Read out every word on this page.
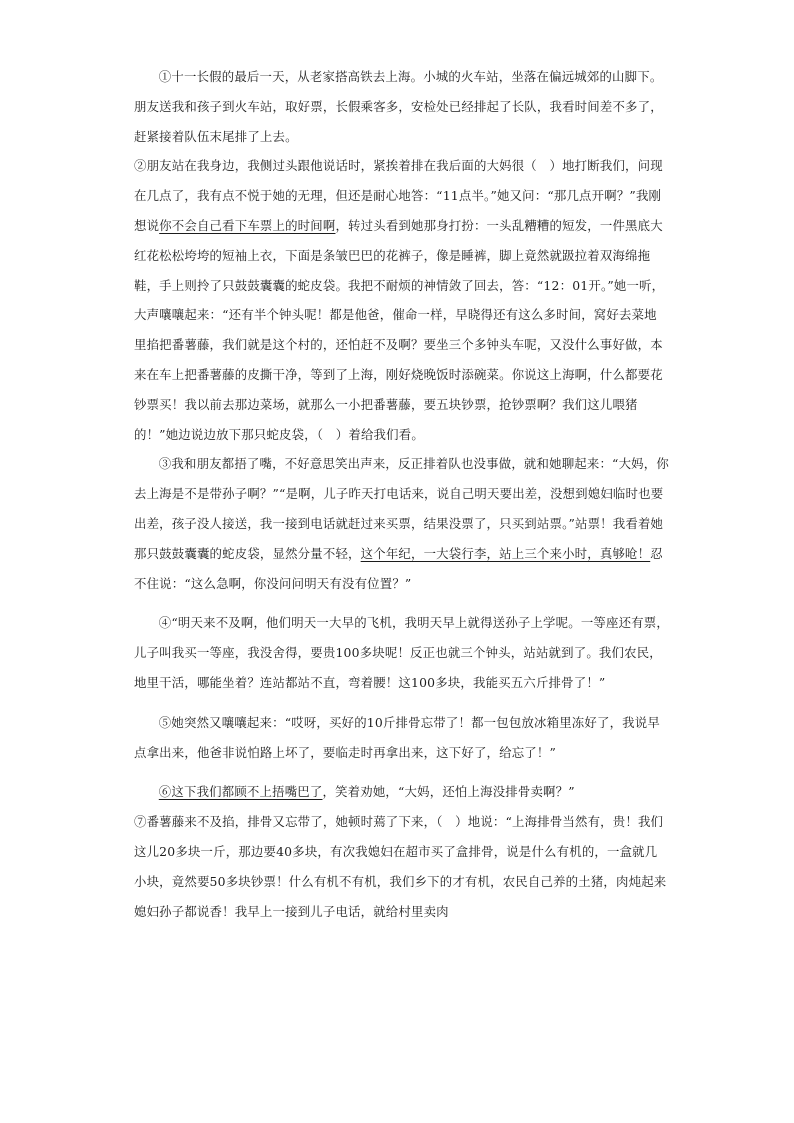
①十一长假的最后一天，从老家搭高铁去上海。小城的火车站，坐落在偏远城郊的山脚下。朋友送我和孩子到火车站，取好票，长假乘客多，安检处已经排起了长队，我看时间差不多了，赶紧接着队伍末尾排了上去。

②朋友站在我身边，我侧过头跟他说话时，紧挨着排在我后面的大妈很（　）地打断我们，问现在几点了，我有点不悦于她的无理，但还是耐心地答：“11点半。”她又问：“那几点开啊？”我刚想说你不会自己看下车票上的时间啊，转过头看到她那身打扮：一头乱糟糟的短发，一件黑底大红花松松垮垮的短袖上衣，下面是条皱巴巴的花裤子，像是睡裤，脚上竟然就趿拉着双海绵拖鞋，手上则拎了只鼓鼓囊囊的蛇皮袋。我把不耐烦的神情敛了回去，答：“12：01开。”她一听，大声嚷嚷起来：“还有半个钟头呢！都是他爸，催命一样，早晓得还有这么多时间，窝好去菜地里掐把番薯藤，我们就是这个村的，还怕赶不及啊？要坐三个多钟头车呢，又没什么事好做，本来在车上把番薯藤的皮撕干净，等到了上海，刚好烧晚饭时添碗菜。你说这上海啊，什么都要花钞票买！我以前去那边菜场，就那么一小把番薯藤，要五块钞票，抢钞票啊？我们这儿喂猪的！”她边说边放下那只蛇皮袋，（　）着给我们看。

③我和朋友都捂了嘴，不好意思笑出声来，反正排着队也没事做，就和她聊起来：“大妈，你去上海是不是带孙子啊？”“是啊，儿子昨天打电话来，说自己明天要出差，没想到媳妇临时也要出差，孩子没人接送，我一接到电话就赶过来买票，结果没票了，只买到站票。”站票！我看着她那只鼓鼓囊囊的蛇皮袋，显然分量不轻，这个年纪，一大袋行李，站上三个来小时，真够呛！忍不住说：“这么急啊，你没问问明天有没有位置？”

④“明天来不及啊，他们明天一大早的飞机，我明天早上就得送孙子上学呢。一等座还有票，儿子叫我买一等座，我没舍得，要贵100多块呢！反正也就三个钟头，站站就到了。我们农民，地里干活，哪能坐着？连站都站不直，弯着腰！这100多块，我能买五六斤排骨了！”

⑤她突然又嚷嚷起来：“哎呀，买好的10斤排骨忘带了！都一包包放冰箱里冻好了，我说早点拿出来，他爸非说怕路上坏了，要临走时再拿出来，这下好了，给忘了！”

⑥这下我们都顾不上捂嘴巴了，笑着劝她，“大妈，还怕上海没排骨卖啊？”

⑦番薯藤来不及掐，排骨又忘带了，她顿时蔫了下来，（　）地说：“上海排骨当然有，贵！我们这儿20多块一斤，那边要40多块，有次我媳妇在超市买了盒排骨，说是什么有机的，一盒就几小块，竟然要50多块钞票！什么有机不有机，我们乡下的才有机，农民自己养的土猪，肉炖起来媳妇孙子都说香！我早上一接到儿子电话，就给村里卖肉
